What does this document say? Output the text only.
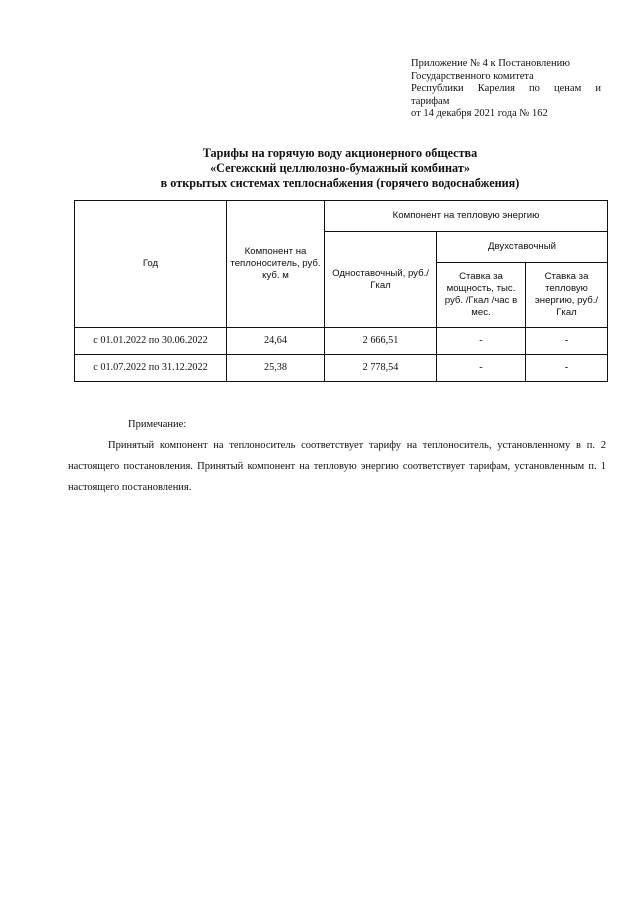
Приложение № 4 к Постановлению
Государственного комитета
Республики Карелия по ценам и
тарифам
от 14 декабря 2021 года № 162
Тарифы на горячую воду акционерного общества
«Сегежский целлюлозно-бумажный комбинат»
в открытых системах теплоснабжения (горячего водоснабжения)
Год	Компонент на теплоноситель, руб. куб. м	Компонент на тепловую энергию		
		Одноставочный, руб./Гкал	Двухставочный	
			Ставка за мощность, тыс. руб. /Гкал /час в мес.	Ставка за тепловую энергию, руб./Гкал
с 01.01.2022 по 30.06.2022	24,64	2 666,51	-	-
с 01.07.2022 по 31.12.2022	25,38	2 778,54	-	-
Примечание:
Принятый компонент на теплоноситель соответствует тарифу на теплоноситель, установленному в п. 2 настоящего постановления. Принятый компонент на тепловую энергию соответствует тарифам, установленным п. 1 настоящего постановления.
